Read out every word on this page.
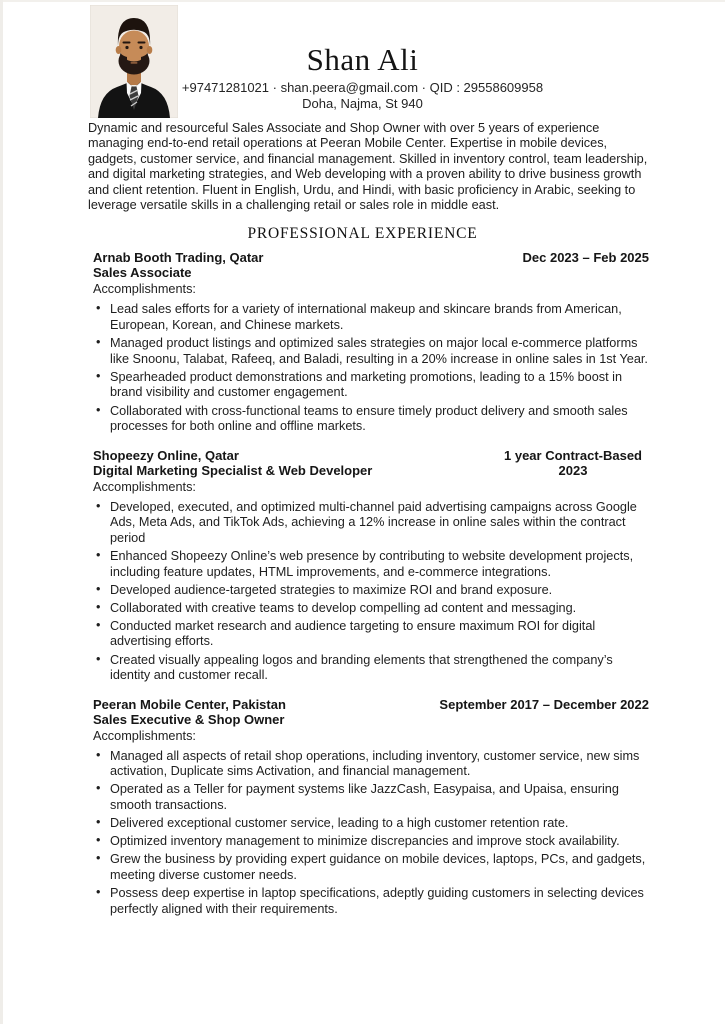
Shan Ali
+97471281021 · shan.peera@gmail.com · QID : 29558609958
Doha, Najma, St 940

Dynamic and resourceful Sales Associate and Shop Owner with over 5 years of experience managing end-to-end retail operations at Peeran Mobile Center. Expertise in mobile devices, gadgets, customer service, and financial management. Skilled in inventory control, team leadership, and digital marketing strategies, and Web developing with a proven ability to drive business growth and client retention. Fluent in English, Urdu, and Hindi, with basic proficiency in Arabic, seeking to leverage versatile skills in a challenging retail or sales role in middle east.

PROFESSIONAL EXPERIENCE
Arnab Booth Trading, Qatar
Sales Associate
Dec 2023 – Feb 2025
Accomplishments:
• Lead sales efforts for a variety of international makeup and skincare brands from American, European, Korean, and Chinese markets.
• Managed product listings and optimized sales strategies on major local e-commerce platforms like Snoonu, Talabat, Rafeeq, and Baladi, resulting in a 20% increase in online sales in 1st Year.
• Spearheaded product demonstrations and marketing promotions, leading to a 15% boost in brand visibility and customer engagement.
• Collaborated with cross-functional teams to ensure timely product delivery and smooth sales processes for both online and offline markets.
Shopeezy Online, Qatar
Digital Marketing Specialist & Web Developer
1 year Contract-Based 2023
Accomplishments:
• Developed, executed, and optimized multi-channel paid advertising campaigns across Google Ads, Meta Ads, and TikTok Ads, achieving a 12% increase in online sales within the contract period
• Enhanced Shopeezy Online’s web presence by contributing to website development projects, including feature updates, HTML improvements, and e-commerce integrations.
• Developed audience-targeted strategies to maximize ROI and brand exposure.
• Collaborated with creative teams to develop compelling ad content and messaging.
• Conducted market research and audience targeting to ensure maximum ROI for digital advertising efforts.
• Created visually appealing logos and branding elements that strengthened the company’s identity and customer recall.
Peeran Mobile Center, Pakistan
Sales Executive & Shop Owner
September 2017 – December 2022
Accomplishments:
• Managed all aspects of retail shop operations, including inventory, customer service, new sims activation, Duplicate sims Activation, and financial management.
• Operated as a Teller for payment systems like JazzCash, Easypaisa, and Upaisa, ensuring smooth transactions.
• Delivered exceptional customer service, leading to a high customer retention rate.
• Optimized inventory management to minimize discrepancies and improve stock availability.
• Grew the business by providing expert guidance on mobile devices, laptops, PCs, and gadgets, meeting diverse customer needs.
• Possess deep expertise in laptop specifications, adeptly guiding customers in selecting devices perfectly aligned with their requirements.
